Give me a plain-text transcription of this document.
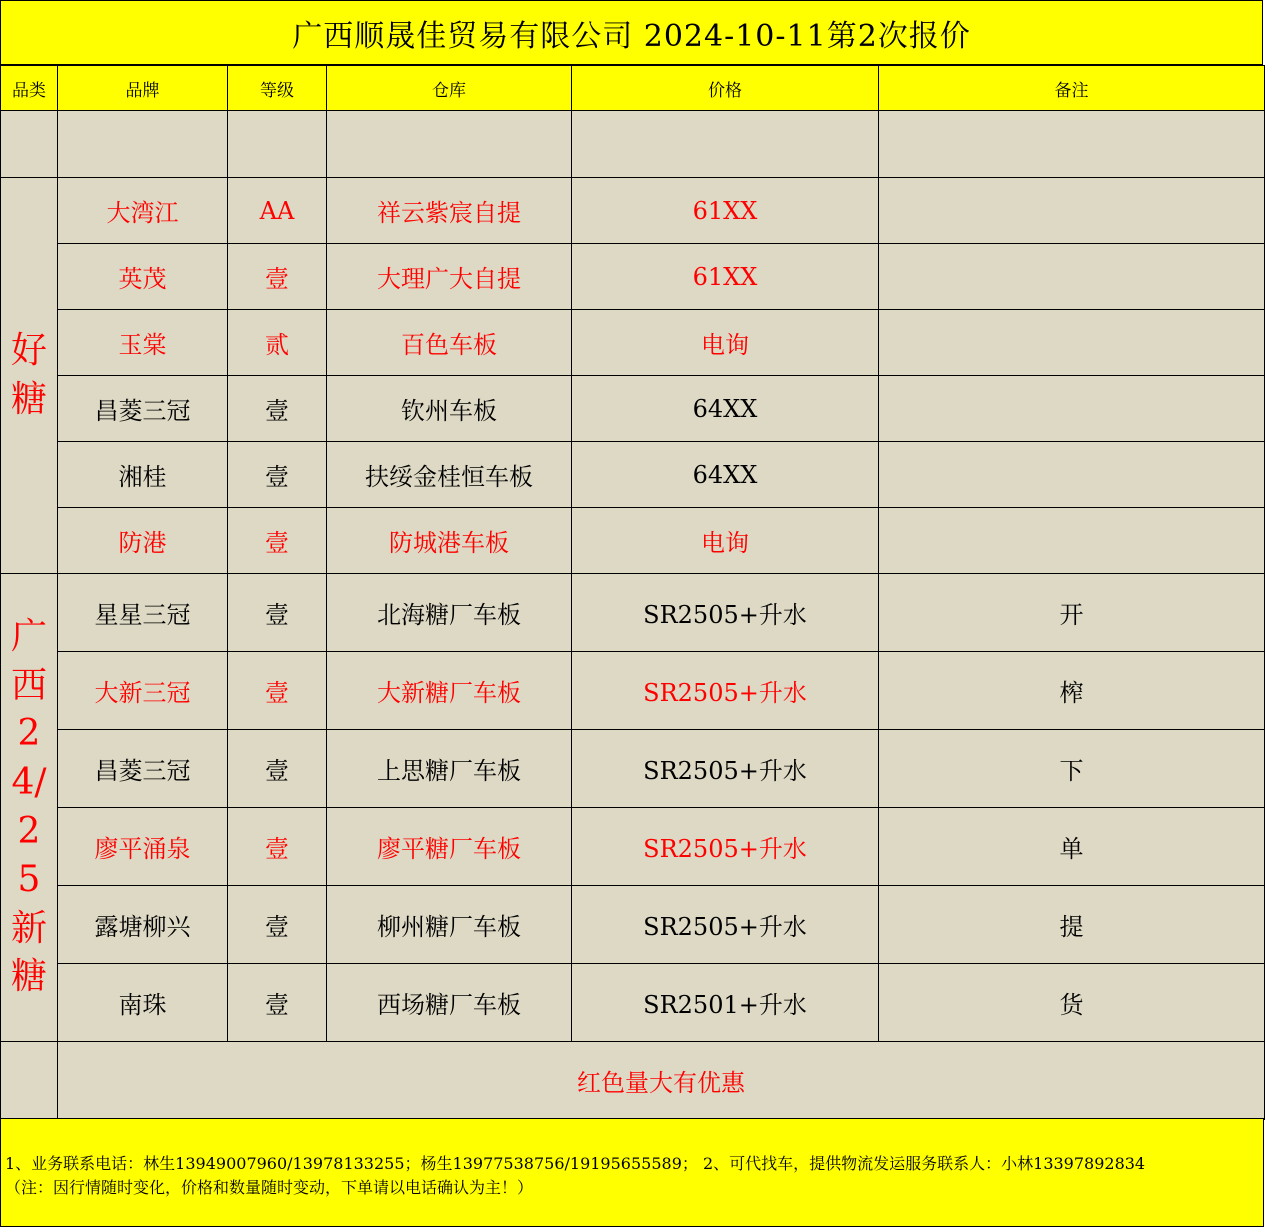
广西顺晟佳贸易有限公司 2024-10-11第2次报价
品类	品牌	等级	仓库	价格	备注

好糖	大湾江	AA	祥云紫宸自提	61XX	
	英茂	壹	大理广大自提	61XX	
	玉棠	贰	百色车板	电询	
	昌菱三冠	壹	钦州车板	64XX	
	湘桂	壹	扶绥金桂恒车板	64XX	
	防港	壹	防城港车板	电询	
广西24/25新糖	星星三冠	壹	北海糖厂车板	SR2505+升水	开
	大新三冠	壹	大新糖厂车板	SR2505+升水	榨
	昌菱三冠	壹	上思糖厂车板	SR2505+升水	下
	廖平涌泉	壹	廖平糖厂车板	SR2505+升水	单
	露塘柳兴	壹	柳州糖厂车板	SR2505+升水	提
	南珠	壹	西场糖厂车板	SR2501+升水	货
	红色量大有优惠				
1、业务联系电话：林生13949007960/13978133255；杨生13977538756/19195655589； 2、可代找车，提供物流发运服务联系人：小林13397892834
（注：因行情随时变化，价格和数量随时变动，下单请以电话确认为主！）
